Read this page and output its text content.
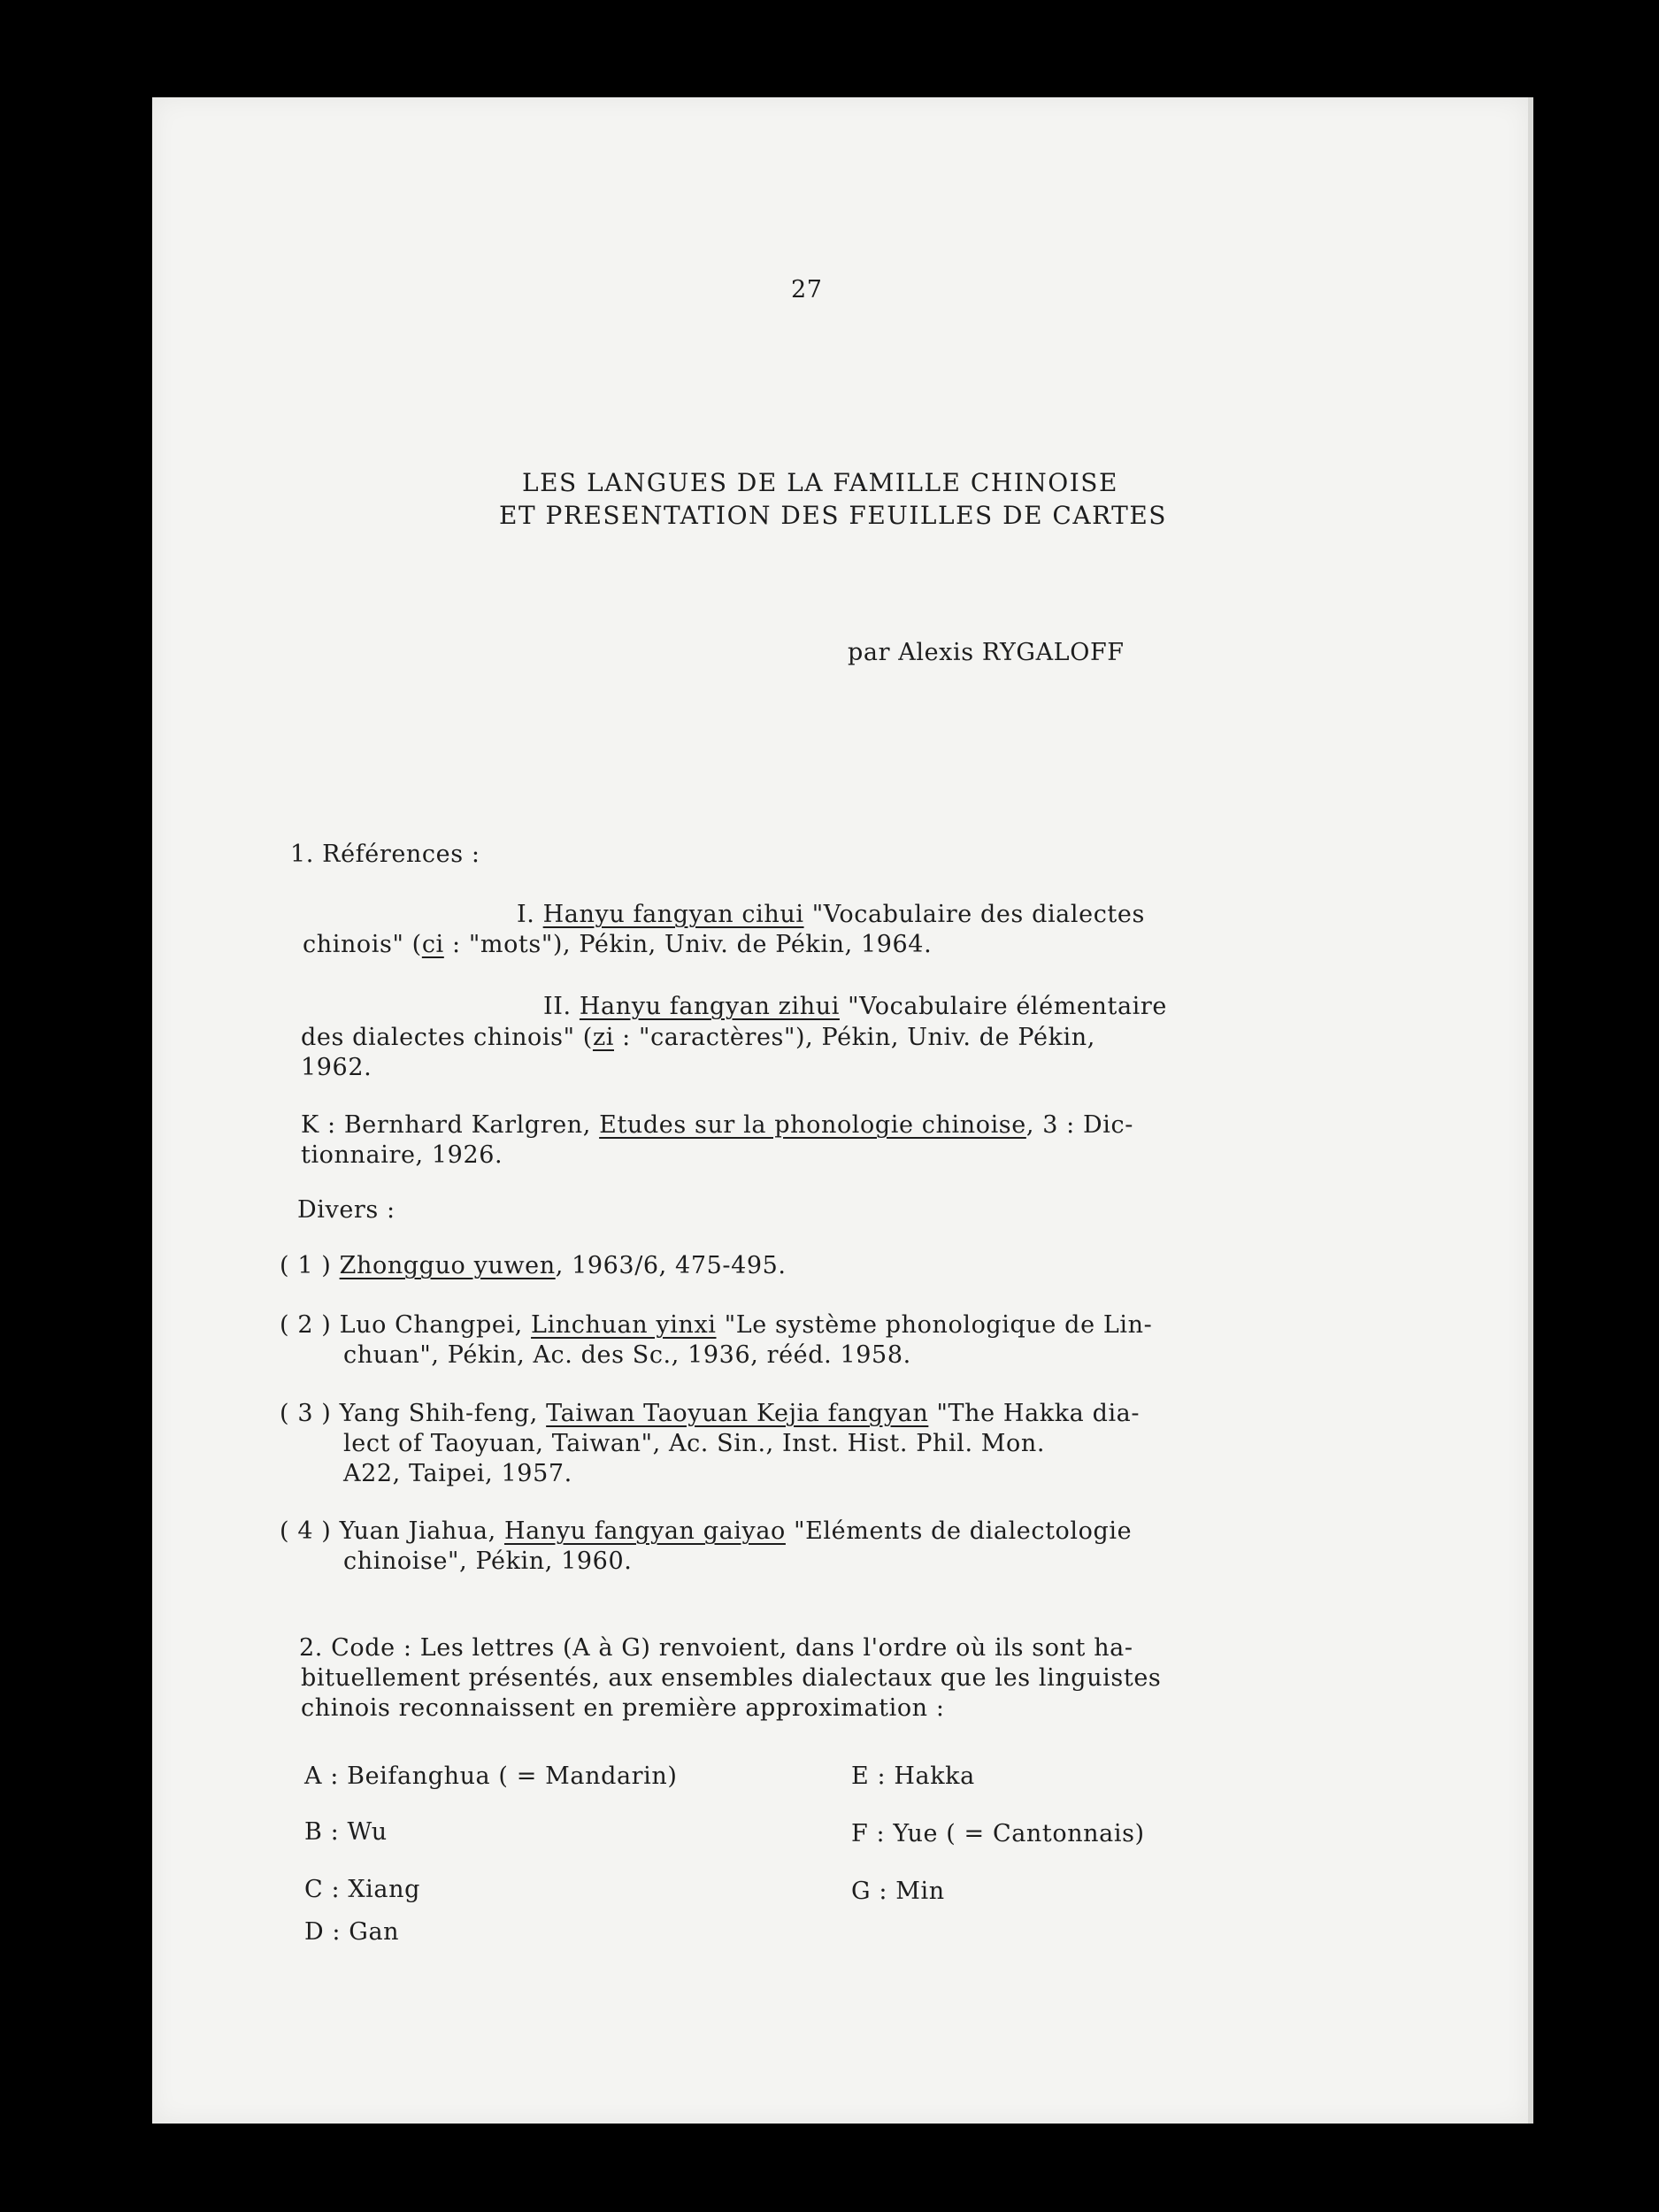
27
LES LANGUES DE LA FAMILLE CHINOISE
ET PRESENTATION DES FEUILLES DE CARTES
par Alexis RYGALOFF
1. Références :
I. Hanyu fangyan cihui "Vocabulaire des dialectes
chinois" (ci : "mots"), Pékin, Univ. de Pékin, 1964.
II. Hanyu fangyan zihui "Vocabulaire élémentaire
des dialectes chinois" (zi : "caractères"), Pékin, Univ. de Pékin,
1962.
K : Bernhard Karlgren, Etudes sur la phonologie chinoise, 3 : Dic-
tionnaire, 1926.
Divers :
( 1 ) Zhongguo yuwen, 1963/6, 475-495.
( 2 ) Luo Changpei, Linchuan yinxi "Le système phonologique de Lin-
chuan", Pékin, Ac. des Sc., 1936, rééd. 1958.
( 3 ) Yang Shih-feng, Taiwan Taoyuan Kejia fangyan "The Hakka dia-
lect of Taoyuan, Taiwan", Ac. Sin., Inst. Hist. Phil. Mon.
A22, Taipei, 1957.
( 4 ) Yuan Jiahua, Hanyu fangyan gaiyao "Eléments de dialectologie
chinoise", Pékin, 1960.
2. Code : Les lettres (A à G) renvoient, dans l'ordre où ils sont ha-
bituellement présentés, aux ensembles dialectaux que les linguistes
chinois reconnaissent en première approximation :
A : Beifanghua ( = Mandarin)
B : Wu
C : Xiang
D : Gan
E : Hakka
F : Yue ( = Cantonnais)
G : Min
